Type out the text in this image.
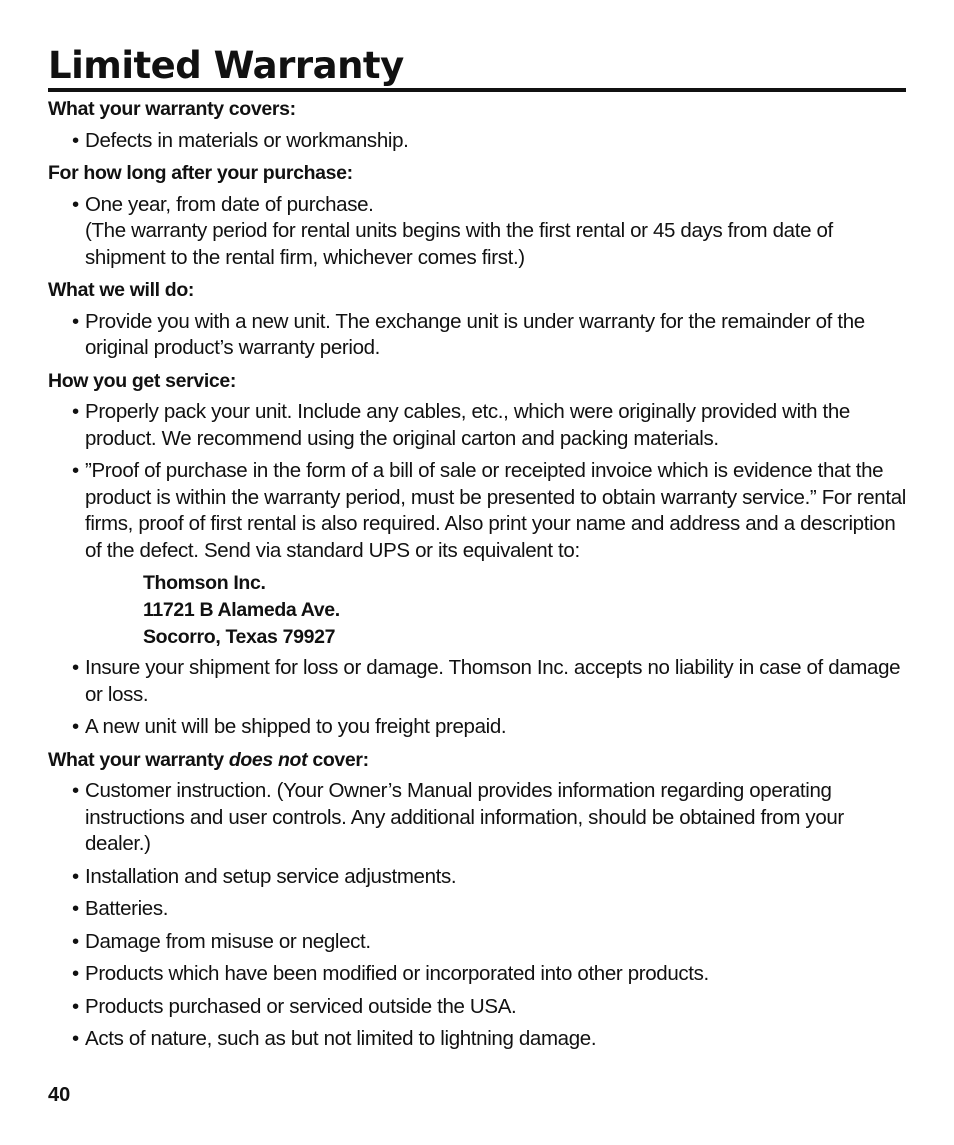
Limited Warranty
What your warranty covers:
• Defects in materials or workmanship.
For how long after your purchase:
• One year, from date of purchase.
(The warranty period for rental units begins with the first rental or 45 days from date of shipment to the rental firm, whichever comes first.)
What we will do:
• Provide you with a new unit. The exchange unit is under warranty for the remainder of the original product’s warranty period.
How you get service:
• Properly pack your unit. Include any cables, etc., which were originally provided with the product. We recommend using the original carton and packing materials.
• ”Proof of purchase in the form of a bill of sale or receipted invoice which is evidence that the product is within the warranty period, must be presented to obtain warranty service.” For rental firms, proof of first rental is also required. Also print your name and address and a description of the defect. Send via standard UPS or its equivalent to:
Thomson Inc.
11721 B Alameda Ave.
Socorro, Texas 79927
• Insure your shipment for loss or damage. Thomson Inc. accepts no liability in case of damage or loss.
• A new unit will be shipped to you freight prepaid.
What your warranty does not cover:
• Customer instruction. (Your Owner’s Manual provides information regarding operating instructions and user controls. Any additional information, should be obtained from your dealer.)
• Installation and setup service adjustments.
• Batteries.
• Damage from misuse or neglect.
• Products which have been modified or incorporated into other products.
• Products purchased or serviced outside the USA.
• Acts of nature, such as but not limited to lightning damage.
40
